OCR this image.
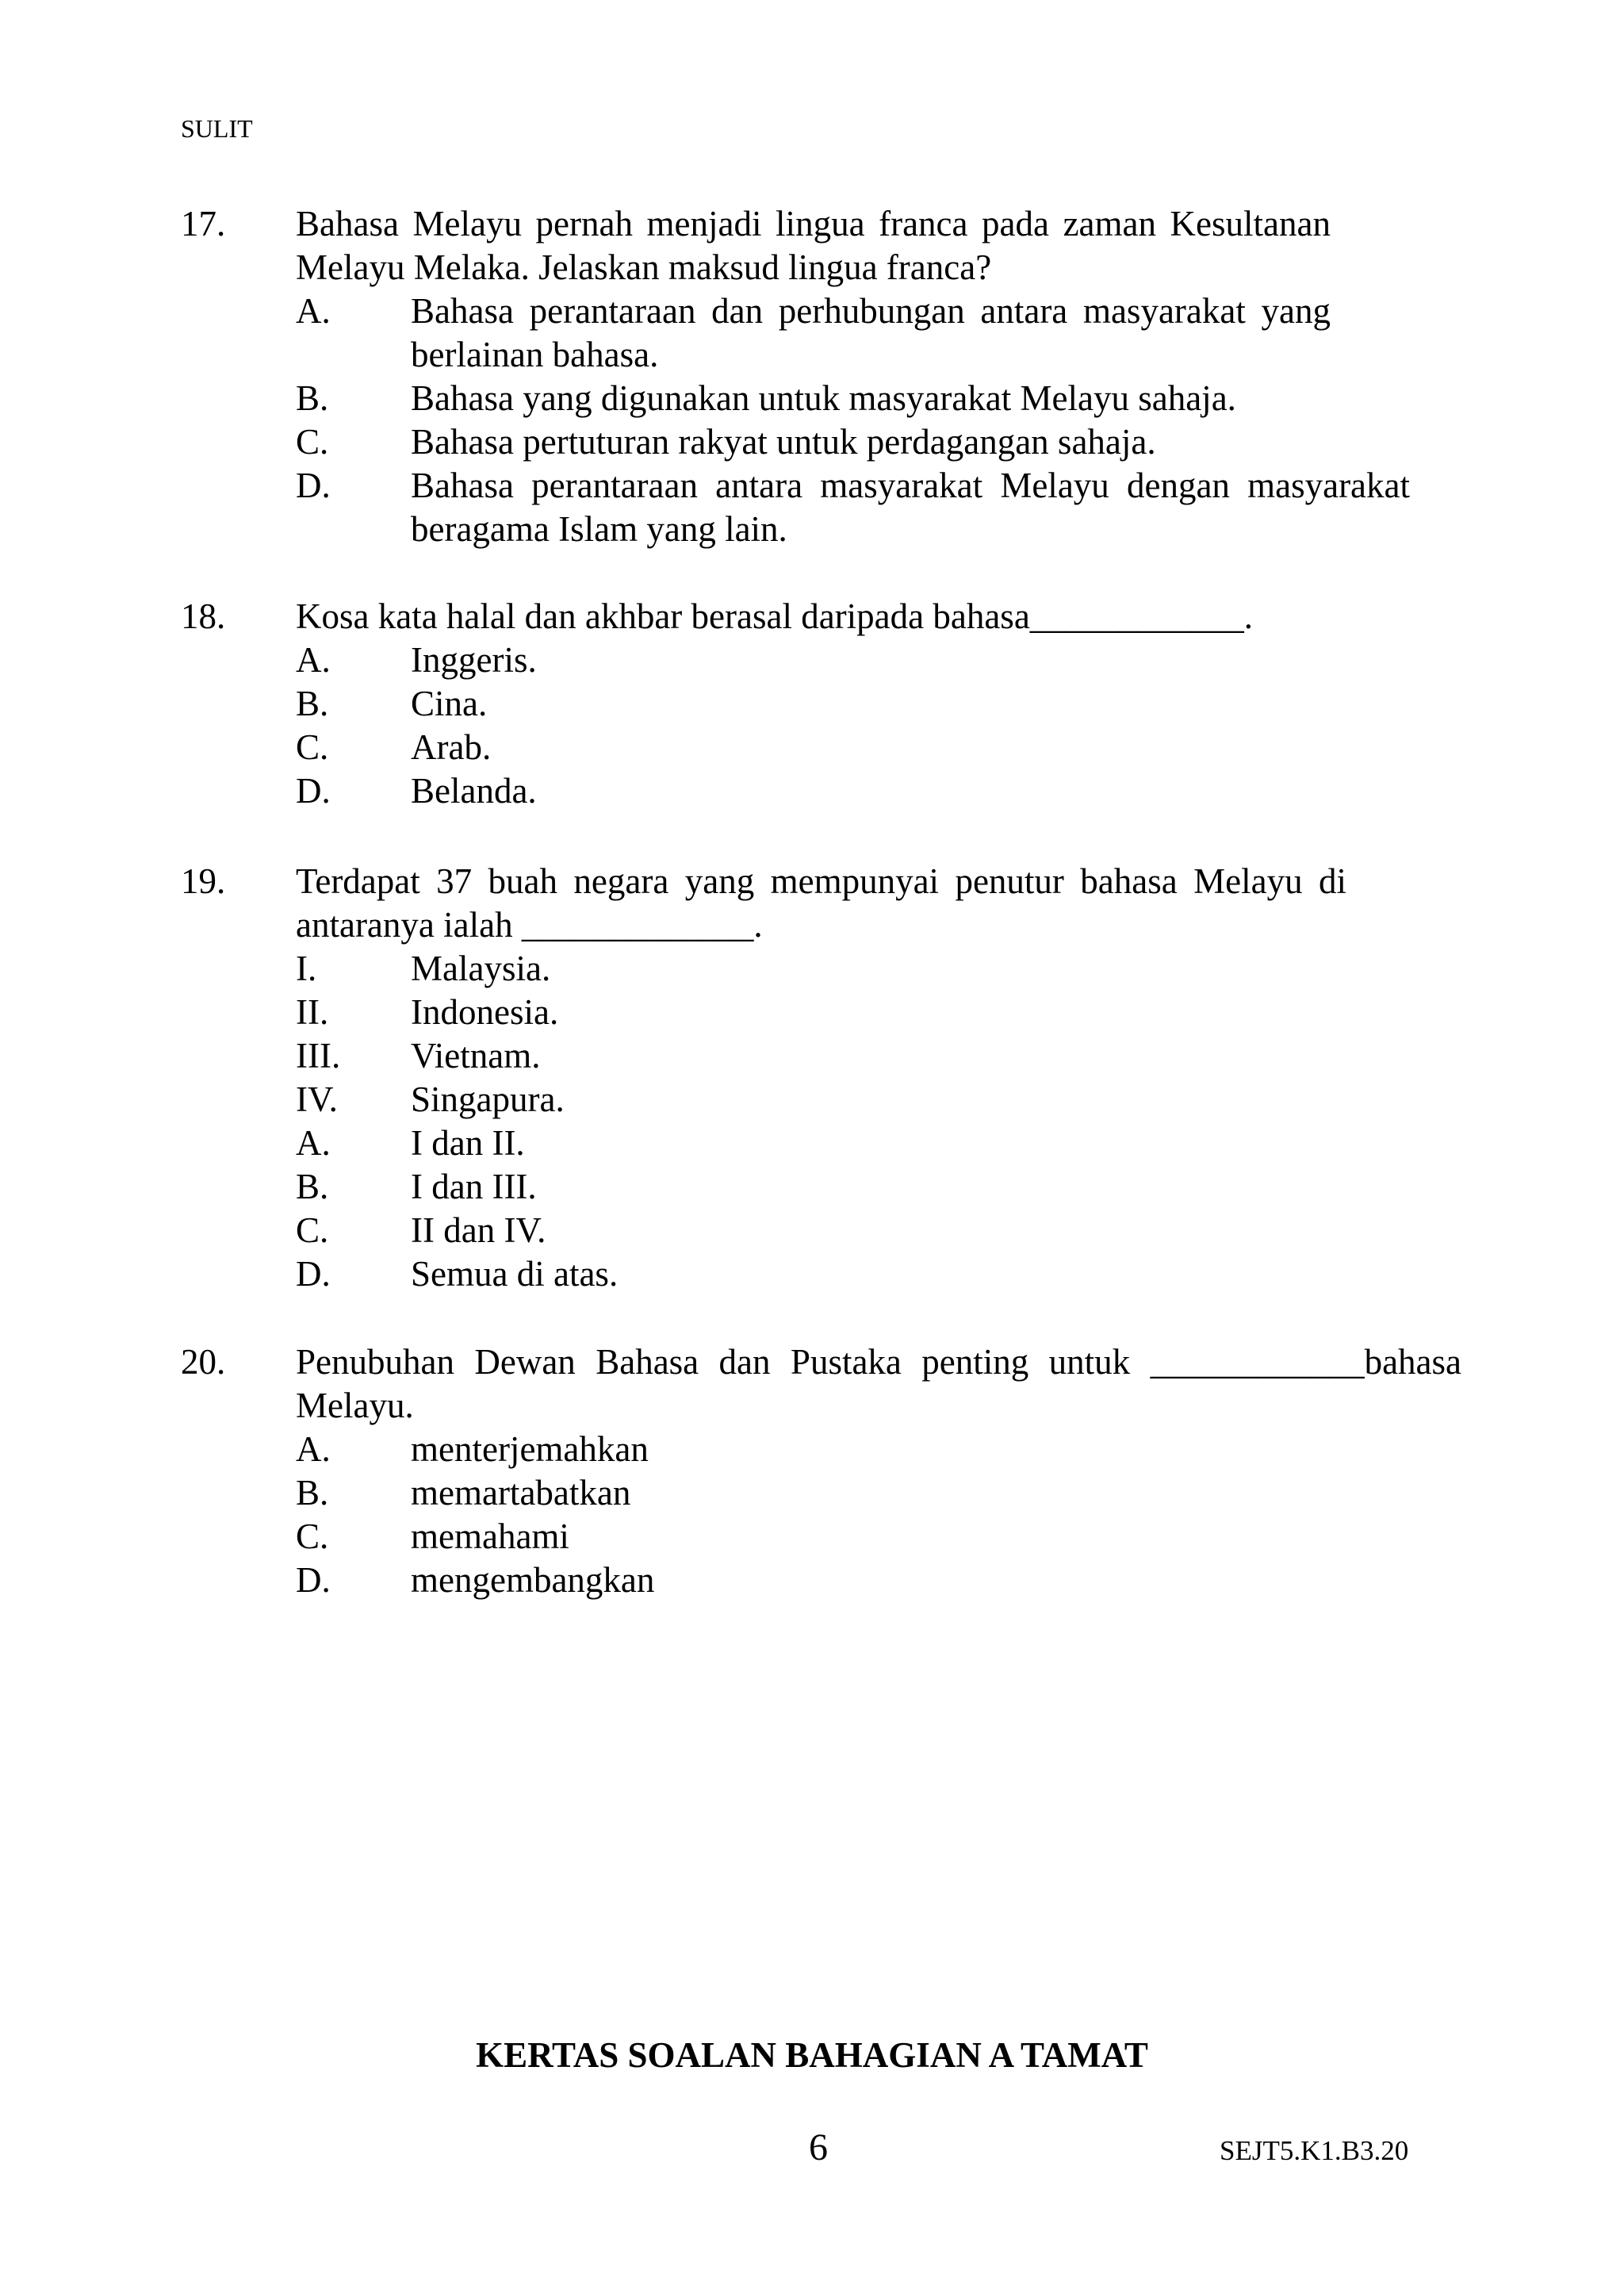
SULIT
17.	Bahasa Melayu pernah menjadi lingua franca pada zaman Kesultanan
Melayu Melaka. Jelaskan maksud lingua franca?
A.	Bahasa perantaraan dan perhubungan antara masyarakat yang
berlainan bahasa.
B.	Bahasa yang digunakan untuk masyarakat Melayu sahaja.
C.	Bahasa pertuturan rakyat untuk perdagangan sahaja.
D.	Bahasa perantaraan antara masyarakat Melayu dengan masyarakat
beragama Islam yang lain.
18.	Kosa kata halal dan akhbar berasal daripada bahasa____________.
A.	Inggeris.
B.	Cina.
C.	Arab.
D.	Belanda.
19.	Terdapat 37 buah negara yang mempunyai penutur bahasa Melayu di
antaranya ialah _____________.
I.	Malaysia.
II.	Indonesia.
III.	Vietnam.
IV.	Singapura.
A.	I dan II.
B.	I dan III.
C.	II dan IV.
D.	Semua di atas.
20.	Penubuhan Dewan Bahasa dan Pustaka penting untuk ____________bahasa
Melayu.
A.	menterjemahkan
B.	memartabatkan
C.	memahami
D.	mengembangkan
KERTAS SOALAN BAHAGIAN A TAMAT
6	SEJT5.K1.B3.20
